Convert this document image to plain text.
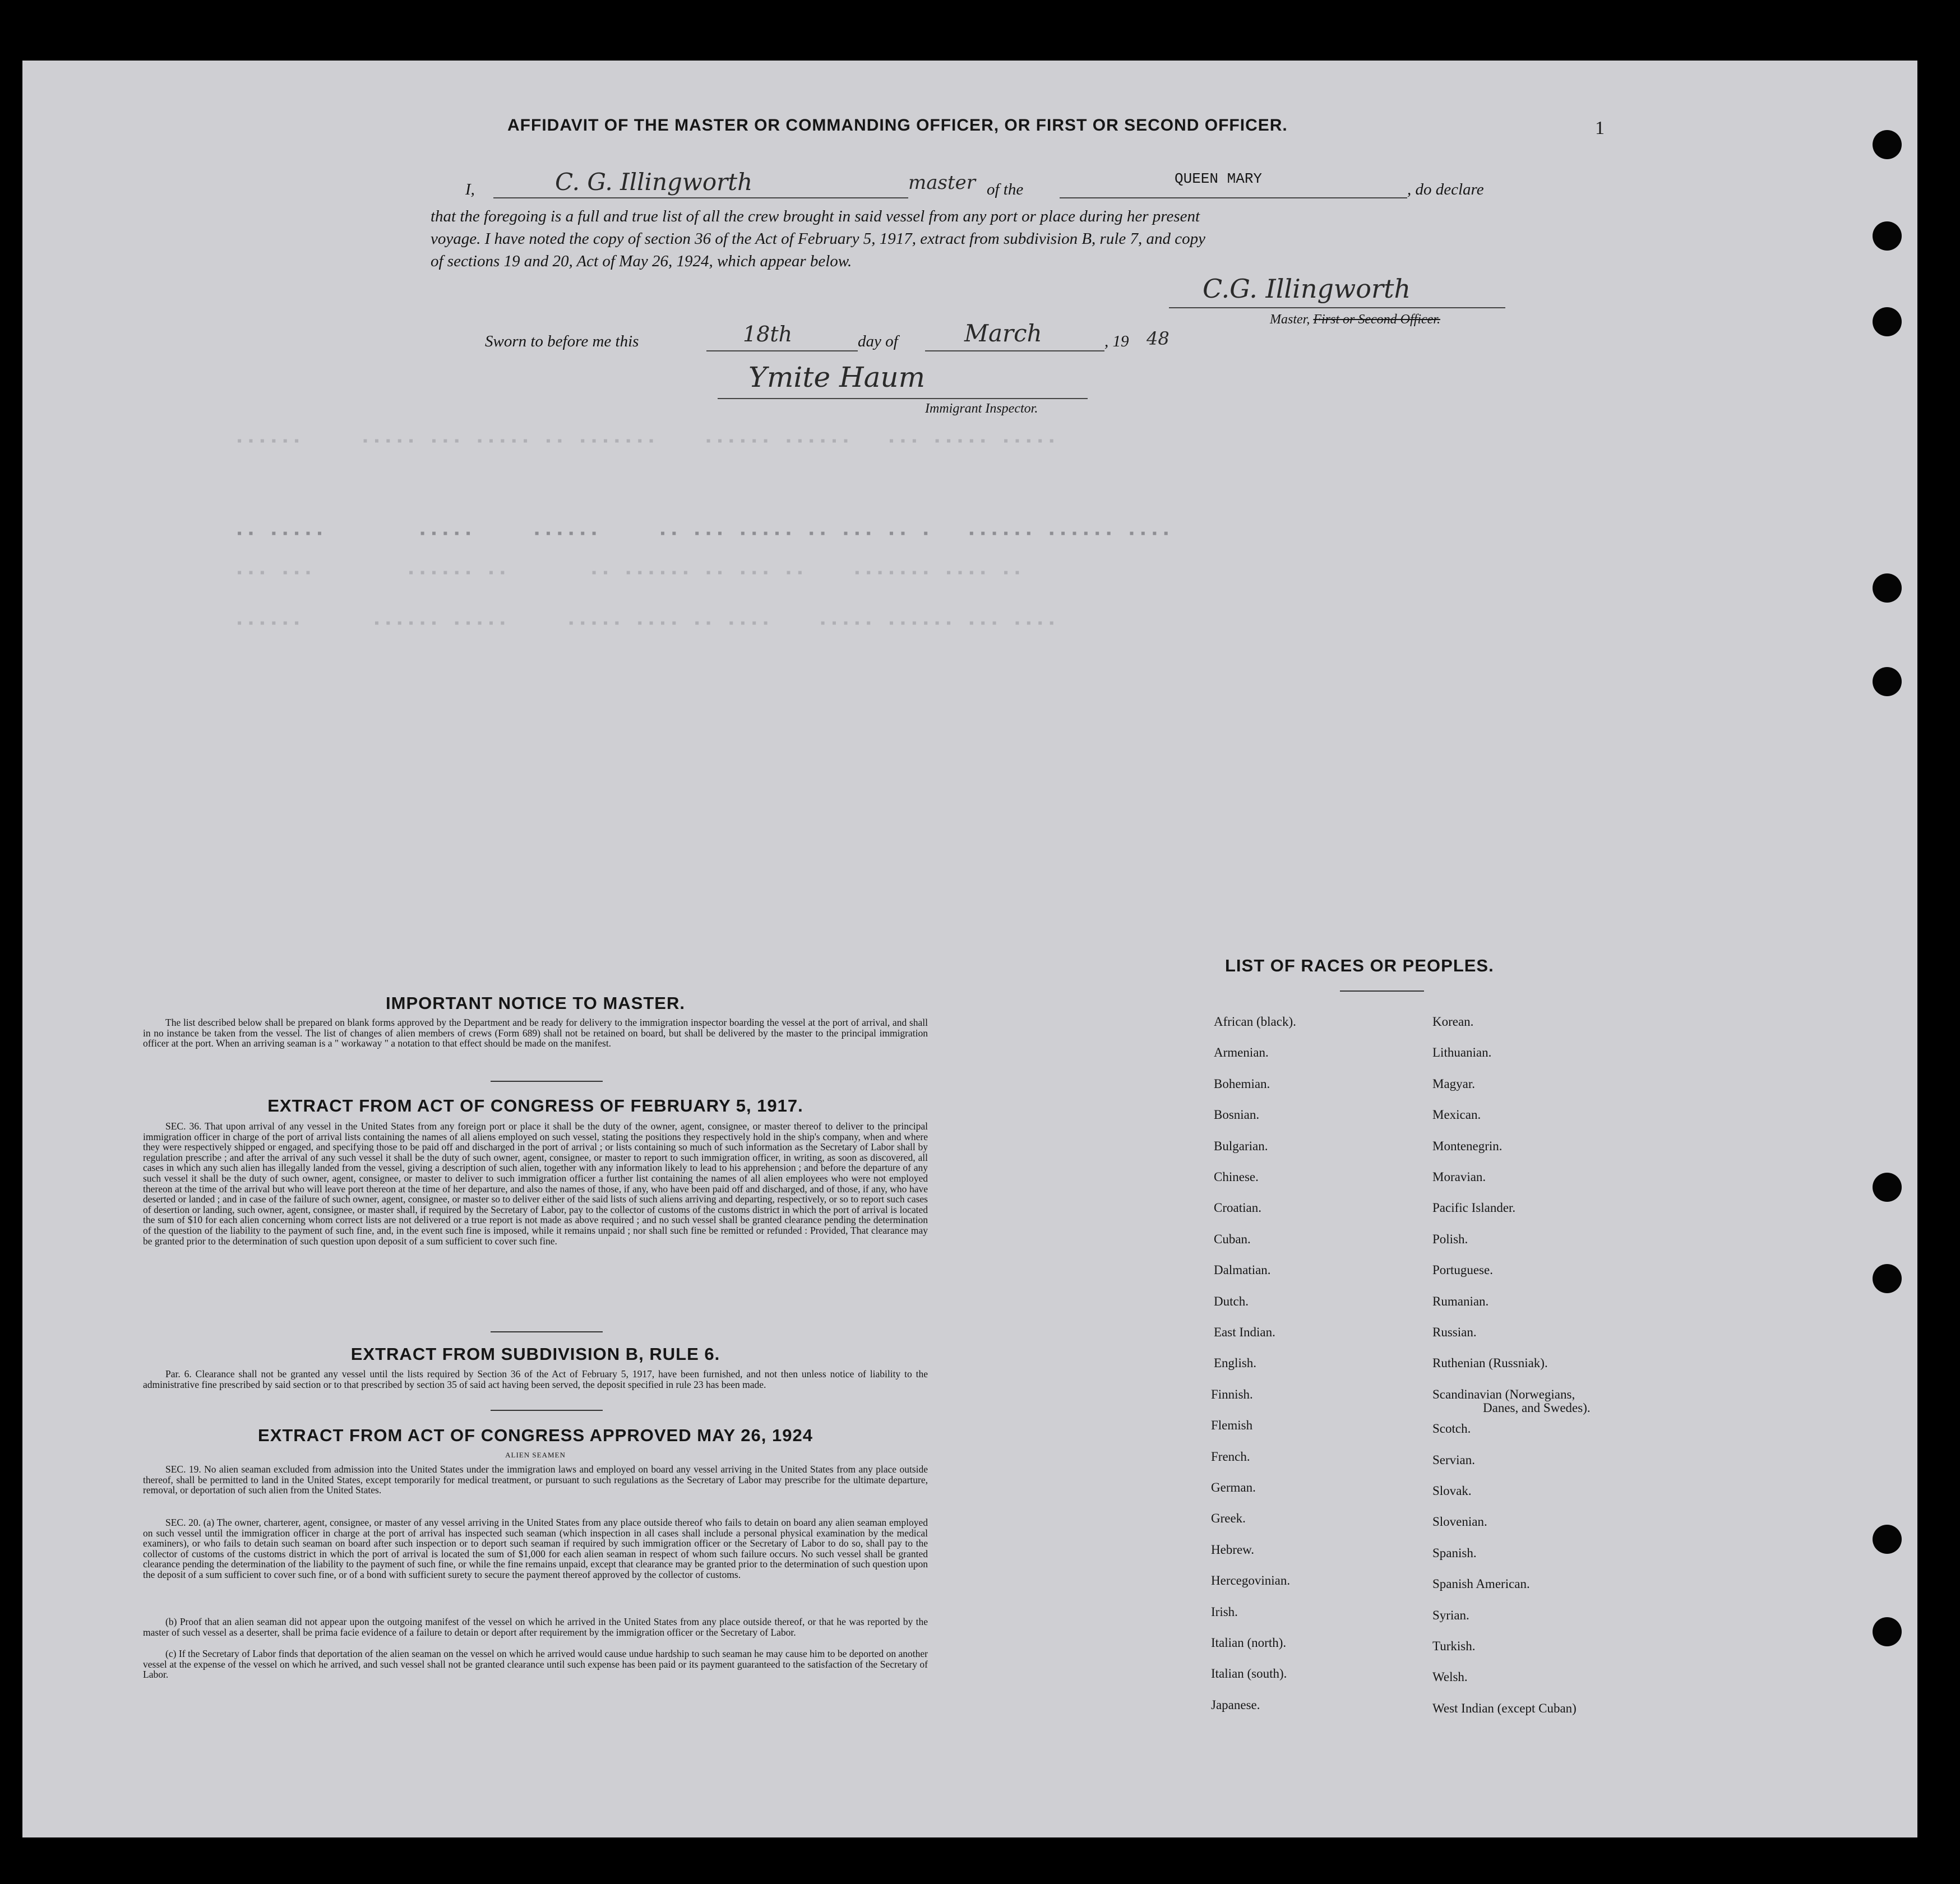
▪▪▪▪▪▪     ▪▪▪▪▪ ▪▪▪ ▪▪▪▪▪ ▪▪ ▪▪▪▪▪▪▪    ▪▪▪▪▪▪ ▪▪▪▪▪▪   ▪▪▪ ▪▪▪▪▪ ▪▪▪▪▪
▪▪ ▪▪▪▪▪        ▪▪▪▪▪     ▪▪▪▪▪▪     ▪▪ ▪▪▪ ▪▪▪▪▪ ▪▪ ▪▪▪ ▪▪ ▪   ▪▪▪▪▪▪ ▪▪▪▪▪▪ ▪▪▪▪
▪▪▪ ▪▪▪        ▪▪▪▪▪▪ ▪▪       ▪▪ ▪▪▪▪▪▪ ▪▪ ▪▪▪ ▪▪    ▪▪▪▪▪▪▪ ▪▪▪▪ ▪▪
▪▪▪▪▪▪      ▪▪▪▪▪▪ ▪▪▪▪▪     ▪▪▪▪▪ ▪▪▪▪ ▪▪ ▪▪▪▪    ▪▪▪▪▪ ▪▪▪▪▪▪ ▪▪▪ ▪▪▪▪
AFFIDAVIT OF THE MASTER OR COMMANDING OFFICER, OR FIRST OR SECOND OFFICER.	1
I,	C. G. Illingworth	master of the
QUEEN MARY
, do declare
that the foregoing is a full and true list of all the crew brought in said vessel from any port or place during her present
voyage. I have noted the copy of section 36 of the Act of February 5, 1917, extract from subdivision B, rule 7, and copy
of sections 19 and 20, Act of May 26, 1924, which appear below.
C.G. Illingworth
Master, First or Second Officer.
Sworn to before me this	18th	day of	March	, 19 48
Ymite Haum
Immigrant Inspector.
IMPORTANT NOTICE TO MASTER.
The list described below shall be prepared on blank forms approved by the Department and be ready for delivery to the immigration inspector boarding the vessel at the port of arrival, and shall in no instance be taken from the vessel. The list of changes of alien members of crews (Form 689) shall not be retained on board, but shall be delivered by the master to the principal immigration officer at the port. When an arriving seaman is a " workaway " a notation to that effect should be made on the manifest.
EXTRACT FROM ACT OF CONGRESS OF FEBRUARY 5, 1917.
SEC. 36. That upon arrival of any vessel in the United States from any foreign port or place it shall be the duty of the owner, agent, consignee, or master thereof to deliver to the principal immigration officer in charge of the port of arrival lists containing the names of all aliens employed on such vessel, stating the positions they respectively hold in the ship's company, when and where they were respectively shipped or engaged, and specifying those to be paid off and discharged in the port of arrival ; or lists containing so much of such information as the Secretary of Labor shall by regulation prescribe ; and after the arrival of any such vessel it shall be the duty of such owner, agent, consignee, or master to report to such immigration officer, in writing, as soon as discovered, all cases in which any such alien has illegally landed from the vessel, giving a description of such alien, together with any information likely to lead to his apprehension ; and before the departure of any such vessel it shall be the duty of such owner, agent, consignee, or master to deliver to such immigration officer a further list containing the names of all alien employees who were not employed thereon at the time of the arrival but who will leave port thereon at the time of her departure, and also the names of those, if any, who have been paid off and discharged, and of those, if any, who have deserted or landed ; and in case of the failure of such owner, agent, consignee, or master so to deliver either of the said lists of such aliens arriving and departing, respectively, or so to report such cases of desertion or landing, such owner, agent, consignee, or master shall, if required by the Secretary of Labor, pay to the collector of customs of the customs district in which the port of arrival is located the sum of $10 for each alien concerning whom correct lists are not delivered or a true report is not made as above required ; and no such vessel shall be granted clearance pending the determination of the question of the liability to the payment of such fine, and, in the event such fine is imposed, while it remains unpaid ; nor shall such fine be remitted or refunded : Provided, That clearance may be granted prior to the determination of such question upon deposit of a sum sufficient to cover such fine.
EXTRACT FROM SUBDIVISION B, RULE 6.
Par. 6. Clearance shall not be granted any vessel until the lists required by Section 36 of the Act of February 5, 1917, have been furnished, and not then unless notice of liability to the administrative fine prescribed by said section or to that prescribed by section 35 of said act having been served, the deposit specified in rule 23 has been made.
EXTRACT FROM ACT OF CONGRESS APPROVED MAY 26, 1924
ALIEN SEAMEN
SEC. 19. No alien seaman excluded from admission into the United States under the immigration laws and employed on board any vessel arriving in the United States from any place outside thereof, shall be permitted to land in the United States, except temporarily for medical treatment, or pursuant to such regulations as the Secretary of Labor may prescribe for the ultimate departure, removal, or deportation of such alien from the United States.
SEC. 20. (a) The owner, charterer, agent, consignee, or master of any vessel arriving in the United States from any place outside thereof who fails to detain on board any alien seaman employed on such vessel until the immigration officer in charge at the port of arrival has inspected such seaman (which inspection in all cases shall include a personal physical examination by the medical examiners), or who fails to detain such seaman on board after such inspection or to deport such seaman if required by such immigration officer or the Secretary of Labor to do so, shall pay to the collector of customs of the customs district in which the port of arrival is located the sum of $1,000 for each alien seaman in respect of whom such failure occurs. No such vessel shall be granted clearance pending the determination of the liability to the payment of such fine, or while the fine remains unpaid, except that clearance may be granted prior to the determination of such question upon the deposit of a sum sufficient to cover such fine, or of a bond with sufficient surety to secure the payment thereof approved by the collector of customs.
(b) Proof that an alien seaman did not appear upon the outgoing manifest of the vessel on which he arrived in the United States from any place outside thereof, or that he was reported by the master of such vessel as a deserter, shall be prima facie evidence of a failure to detain or deport after requirement by the immigration officer or the Secretary of Labor.
(c) If the Secretary of Labor finds that deportation of the alien seaman on the vessel on which he arrived would cause undue hardship to such seaman he may cause him to be deported on another vessel at the expense of the vessel on which he arrived, and such vessel shall not be granted clearance until such expense has been paid or its payment guaranteed to the satisfaction of the Secretary of Labor.
LIST OF RACES OR PEOPLES.
African (black).
Armenian.
Bohemian.
Bosnian.
Bulgarian.
Chinese.
Croatian.
Cuban.
Dalmatian.
Dutch.
East Indian.
English.
Finnish.
Flemish
French.
German.
Greek.
Hebrew.
Hercegovinian.
Irish.
Italian (north).
Italian (south).
Japanese.
Korean.
Lithuanian.
Magyar.
Mexican.
Montenegrin.
Moravian.
Pacific Islander.
Polish.
Portuguese.
Rumanian.
Russian.
Ruthenian (Russniak).
Scandinavian (Norwegians,
Danes, and Swedes).
Scotch.
Servian.
Slovak.
Slovenian.
Spanish.
Spanish American.
Syrian.
Turkish.
Welsh.
West Indian (except Cuban)
